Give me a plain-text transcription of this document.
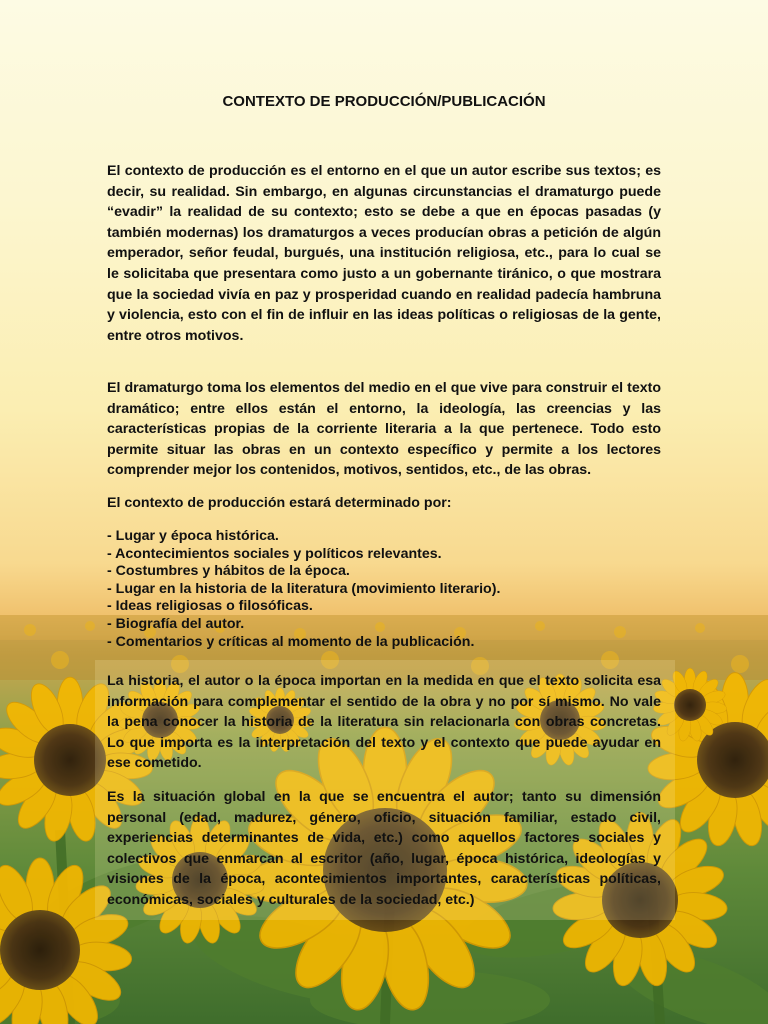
CONTEXTO DE PRODUCCIÓN/PUBLICACIÓN

El contexto de producción es el entorno en el que un autor escribe sus textos; es decir, su realidad. Sin embargo, en algunas circunstancias el dramaturgo puede “evadir” la realidad de su contexto; esto se debe a que en épocas pasadas (y también modernas) los dramaturgos a veces producían obras a petición de algún emperador, señor feudal, burgués, una institución religiosa, etc., para lo cual se le solicitaba que presentara como justo a un gobernante tiránico, o que mostrara que la sociedad vivía en paz y prosperidad cuando en realidad padecía hambruna y violencia, esto con el fin de influir en las ideas políticas o religiosas de la gente, entre otros motivos.

El dramaturgo toma los elementos del medio en el que vive para construir el texto dramático; entre ellos están el entorno, la ideología, las creencias y las características propias de la corriente literaria a la que pertenece. Todo esto permite situar las obras en un contexto específico y permite a los lectores comprender mejor los contenidos, motivos, sentidos, etc., de las obras.

El contexto de producción estará determinado por:

- Lugar y época histórica.
- Acontecimientos sociales y políticos relevantes.
- Costumbres y hábitos de la época.
- Lugar en la historia de la literatura (movimiento literario).
- Ideas religiosas o filosóficas.
- Biografía del autor.
- Comentarios y críticas al momento de la publicación.

La historia, el autor o la época importan en la medida en que el texto solicita esa información para complementar el sentido de la obra y no por sí mismo. No vale la pena conocer la historia de la literatura sin relacionarla con obras concretas. Lo que importa es la interpretación del texto y el contexto que puede ayudar en ese cometido.

Es la situación global en la que se encuentra el autor; tanto su dimensión personal (edad, madurez, género, oficio, situación familiar, estado civil, experiencias determinantes de vida, etc.) como aquellos factores sociales y colectivos que enmarcan al escritor (año, lugar, época histórica, ideologías y visiones de la época, acontecimientos importantes, características políticas, económicas, sociales y culturales de la sociedad, etc.)
